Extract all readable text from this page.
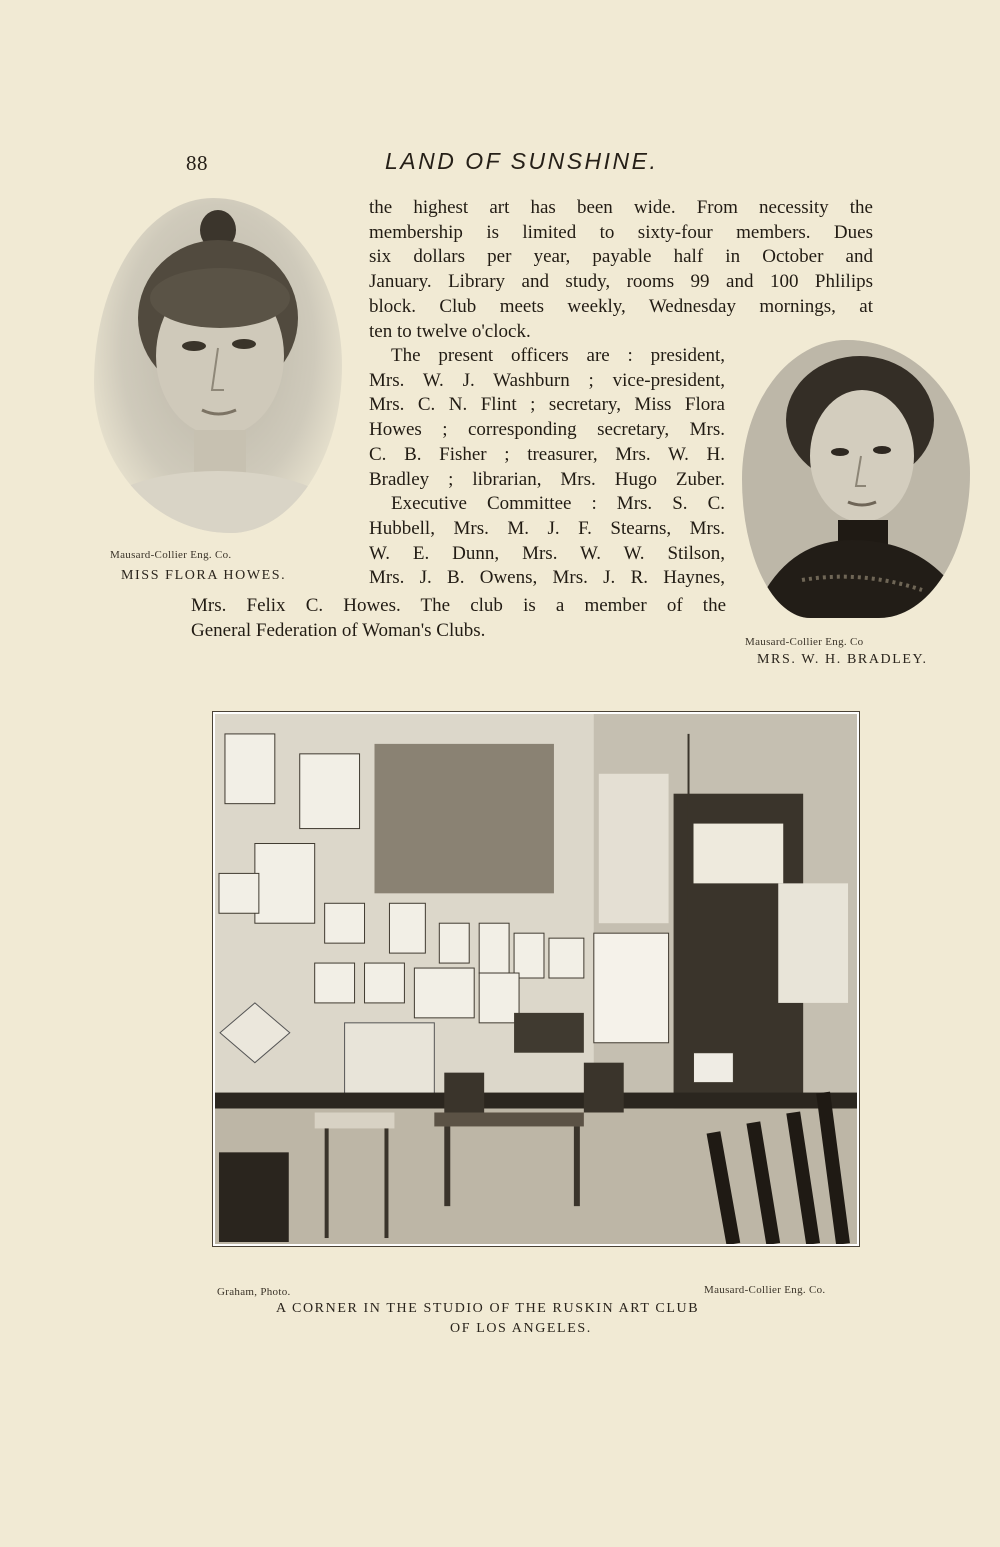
88	LAND OF SUNSHINE.
Mausard-Collier Eng. Co.
MISS FLORA HOWES.
Mausard-Collier Eng. Co
MRS. W. H. BRADLEY.
the highest art has been wide. From necessity the
membership is limited to sixty-four members. Dues
six dollars per year, payable half in October and
January. Library and study, rooms 99 and 100 Phlilips
block. Club meets weekly, Wednesday mornings, at
ten to twelve o'clock.
The present officers are : president,
Mrs. W. J. Washburn ; vice-president,
Mrs. C. N. Flint ; secretary, Miss Flora
Howes ; corresponding secretary, Mrs.
C. B. Fisher ; treasurer, Mrs. W. H.
Bradley ; librarian, Mrs. Hugo Zuber.
Executive Committee : Mrs. S. C.
Hubbell, Mrs. M. J. F. Stearns, Mrs.
W. E. Dunn, Mrs. W. W. Stilson,
Mrs. J. B. Owens, Mrs. J. R. Haynes,
Mrs. Felix C. Howes. The club is a member of the
General Federation of Woman's Clubs.
Graham, Photo.	Mausard-Collier Eng. Co.
A CORNER IN THE STUDIO OF THE RUSKIN ART CLUB
OF LOS ANGELES.
